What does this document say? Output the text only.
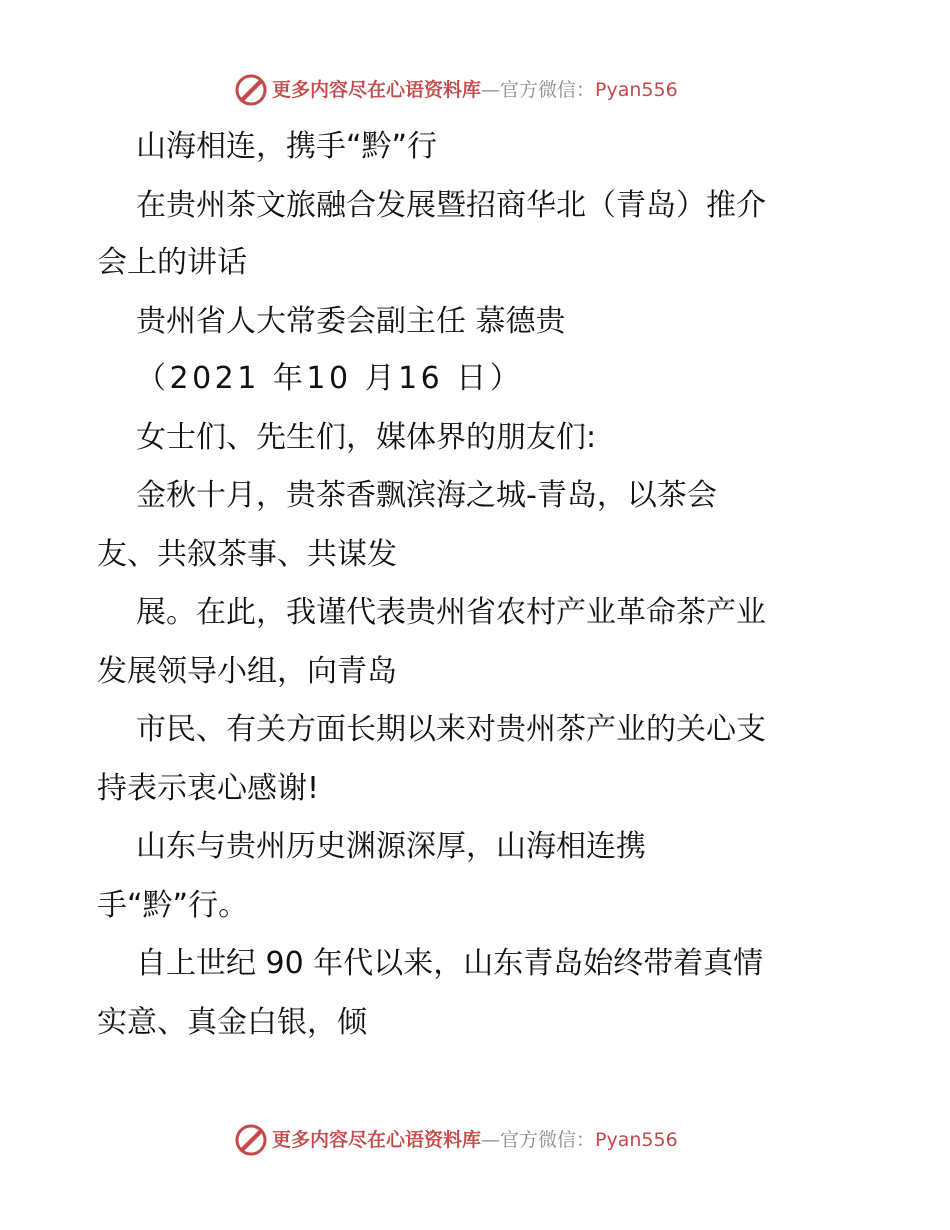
更多内容尽在心语资料库—官方微信：Pyan556
山海相连，携手“黔”行
在贵州茶文旅融合发展暨招商华北（青岛）推介
会上的讲话
贵州省人大常委会副主任 慕德贵
（2021 年10 月16 日）
女士们、先生们，媒体界的朋友们:
金秋十月，贵茶香飘滨海之城-青岛，以茶会
友、共叙茶事、共谋发
展。在此，我谨代表贵州省农村产业革命茶产业
发展领导小组，向青岛
市民、有关方面长期以来对贵州茶产业的关心支
持表示衷心感谢!
山东与贵州历史渊源深厚，山海相连携
手“黔”行。
自上世纪 90 年代以来，山东青岛始终带着真情
实意、真金白银，倾
更多内容尽在心语资料库—官方微信：Pyan556
